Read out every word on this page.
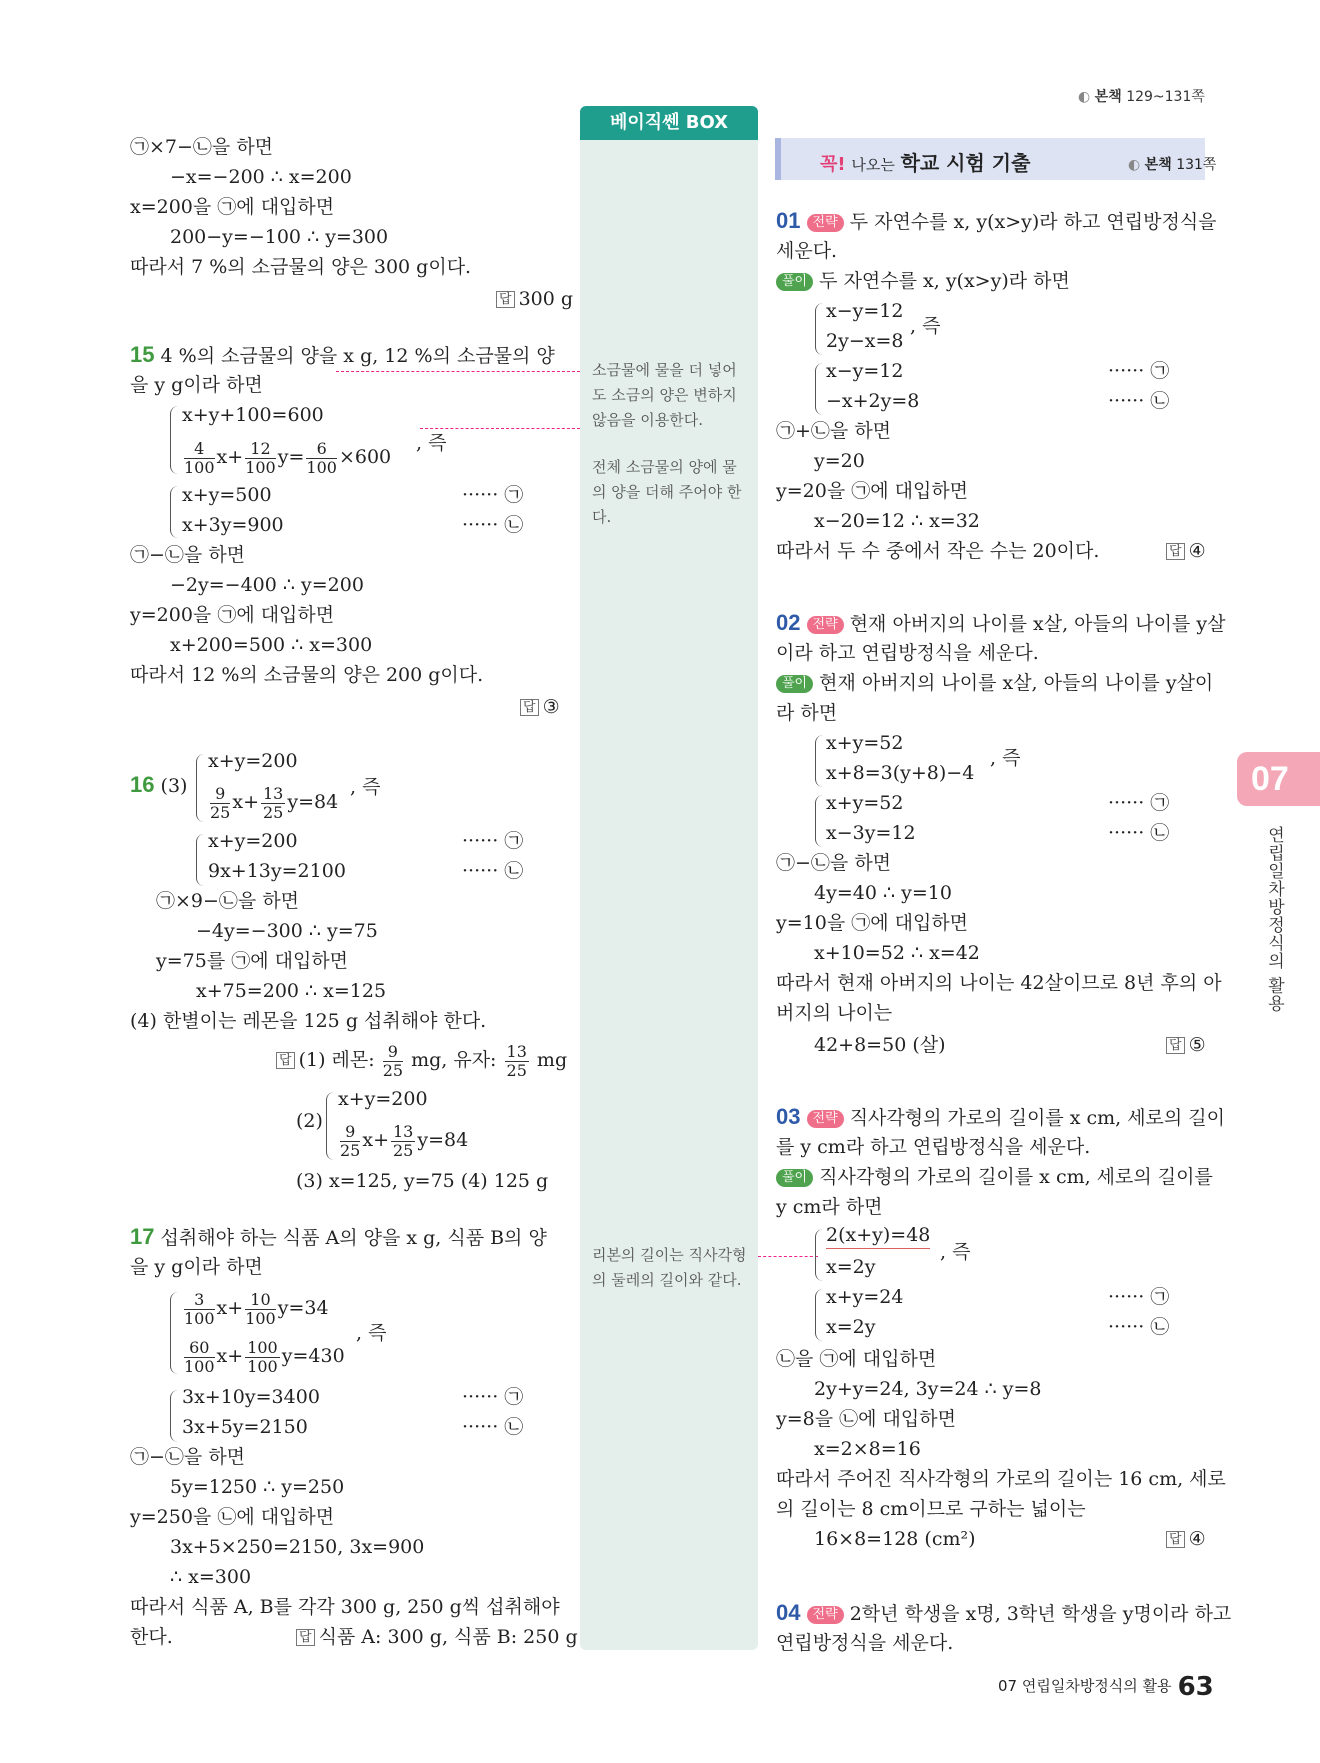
◐ 본책 129~131쪽
베이직쎈 BOX
소금물에 물을 더 넣어도 소금의 양은 변하지 않음을 이용한다.
전체 소금물의 양에 물의 양을 더해 주어야 한다.
리본의 길이는 직사각형의 둘레의 길이와 같다.
꼭! 나오는 학교 시험 기출	◐ 본책 131쪽
㉠×7−㉡을 하면
−x=−200 ∴ x=200
x=200을 ㉠에 대입하면
200−y=−100 ∴ y=300
따라서 7 %의 소금물의 양은 300 g이다.
답 300 g
15 4 %의 소금물의 양을 x g, 12 %의 소금물의 양
을 y g이라 하면
x+y+100=600
$\frac{4}{100} x+ \frac{12}{100} y= \frac{6}{100} \times 600$
, 즉
x+y=500
x+3y=900
······ ㉠
······ ㉡
㉠−㉡을 하면
−2y=−400 ∴ y=200
y=200을 ㉠에 대입하면
x+200=500 ∴ x=300
따라서 12 %의 소금물의 양은 200 g이다.
답 ③
16 (3)
x+y=200
$\frac{9}{25} x+ \frac{13}{25} y=84$
, 즉
x+y=200
9x+13y=2100
······ ㉠
······ ㉡
㉠×9−㉡을 하면
−4y=−300 ∴ y=75
y=75를 ㉠에 대입하면
x+75=200 ∴ x=125
(4) 한별이는 레몬을 125 g 섭취해야 한다.
답 (1) 레몬: $\frac{9}{25}$ mg, 유자: $\frac{13}{25}$ mg
(2)
x+y=200
$\frac{9}{25} x+ \frac{13}{25} y=84$
(3) x=125, y=75 (4) 125 g
17 섭취해야 하는 식품 A의 양을 x g, 식품 B의 양
을 y g이라 하면
$\frac{3}{100} x+ \frac{10}{100} y=34$
$\frac{60}{100} x+ \frac{100}{100} y=430$
, 즉
3x+10y=3400
3x+5y=2150
······ ㉠
······ ㉡
㉠−㉡을 하면
5y=1250 ∴ y=250
y=250을 ㉡에 대입하면
3x+5×250=2150, 3x=900
∴ x=300
따라서 식품 A, B를 각각 300 g, 250 g씩 섭취해야
한다.	답 식품 A: 300 g, 식품 B: 250 g
01 전략 두 자연수를 x, y(x>y)라 하고 연립방정식을
세운다.
풀이 두 자연수를 x, y(x>y)라 하면
x−y=12
2y−x=8
, 즉
x−y=12
−x+2y=8
······ ㉠
······ ㉡
㉠+㉡을 하면
y=20
y=20을 ㉠에 대입하면
x−20=12 ∴ x=32
따라서 두 수 중에서 작은 수는 20이다.	답 ④
02 전략 현재 아버지의 나이를 x살, 아들의 나이를 y살
이라 하고 연립방정식을 세운다.
풀이 현재 아버지의 나이를 x살, 아들의 나이를 y살이
라 하면
x+y=52
x+8=3(y+8)−4
, 즉
x+y=52
x−3y=12
······ ㉠
······ ㉡
㉠−㉡을 하면
4y=40 ∴ y=10
y=10을 ㉠에 대입하면
x+10=52 ∴ x=42
따라서 현재 아버지의 나이는 42살이므로 8년 후의 아
버지의 나이는
42+8=50 (살)	답 ⑤
03 전략 직사각형의 가로의 길이를 x cm, 세로의 길이
를 y cm라 하고 연립방정식을 세운다.
풀이 직사각형의 가로의 길이를 x cm, 세로의 길이를
y cm라 하면
2(x+y)=48
x=2y
, 즉
x+y=24
x=2y
······ ㉠
······ ㉡
㉡을 ㉠에 대입하면
2y+y=24, 3y=24 ∴ y=8
y=8을 ㉡에 대입하면
x=2×8=16
따라서 주어진 직사각형의 가로의 길이는 16 cm, 세로
의 길이는 8 cm이므로 구하는 넓이는
16×8=128 (cm²)	답 ④
04 전략 2학년 학생을 x명, 3학년 학생을 y명이라 하고
연립방정식을 세운다.
07
연립일차방정식의 활용
$^{07 연립일차방정식의 활용}$ 63
